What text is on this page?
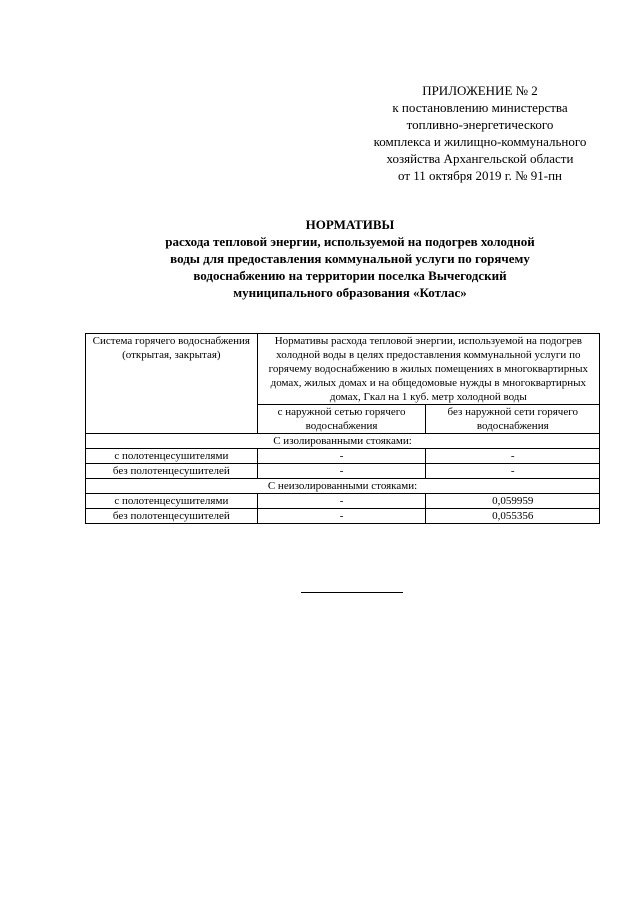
ПРИЛОЖЕНИЕ № 2
к постановлению министерства
топливно-энергетического
комплекса и жилищно-коммунального
хозяйства Архангельской области
от 11 октября 2019 г. № 91-пн
НОРМАТИВЫ
расхода тепловой энергии, используемой на подогрев холодной
воды для предоставления коммунальной услуги по горячему
водоснабжению на территории поселка Вычегодский
муниципального образования «Котлас»
Система горячего водоснабжения (открытая, закрытая)	Нормативы расхода тепловой энергии, используемой на подогрев холодной воды в целях предоставления коммунальной услуги по горячему водоснабжению в жилых помещениях в многоквартирных домах, жилых домах и на общедомовые нужды в многоквартирных домах, Гкал на 1 куб. метр холодной воды	
	с наружной сетью горячего водоснабжения	без наружной сети горячего водоснабжения
С изолированными стояками:		
с полотенцесушителями	-	-
без полотенцесушителей	-	-
С неизолированными стояками:		
с полотенцесушителями	-	0,059959
без полотенцесушителей	-	0,055356
